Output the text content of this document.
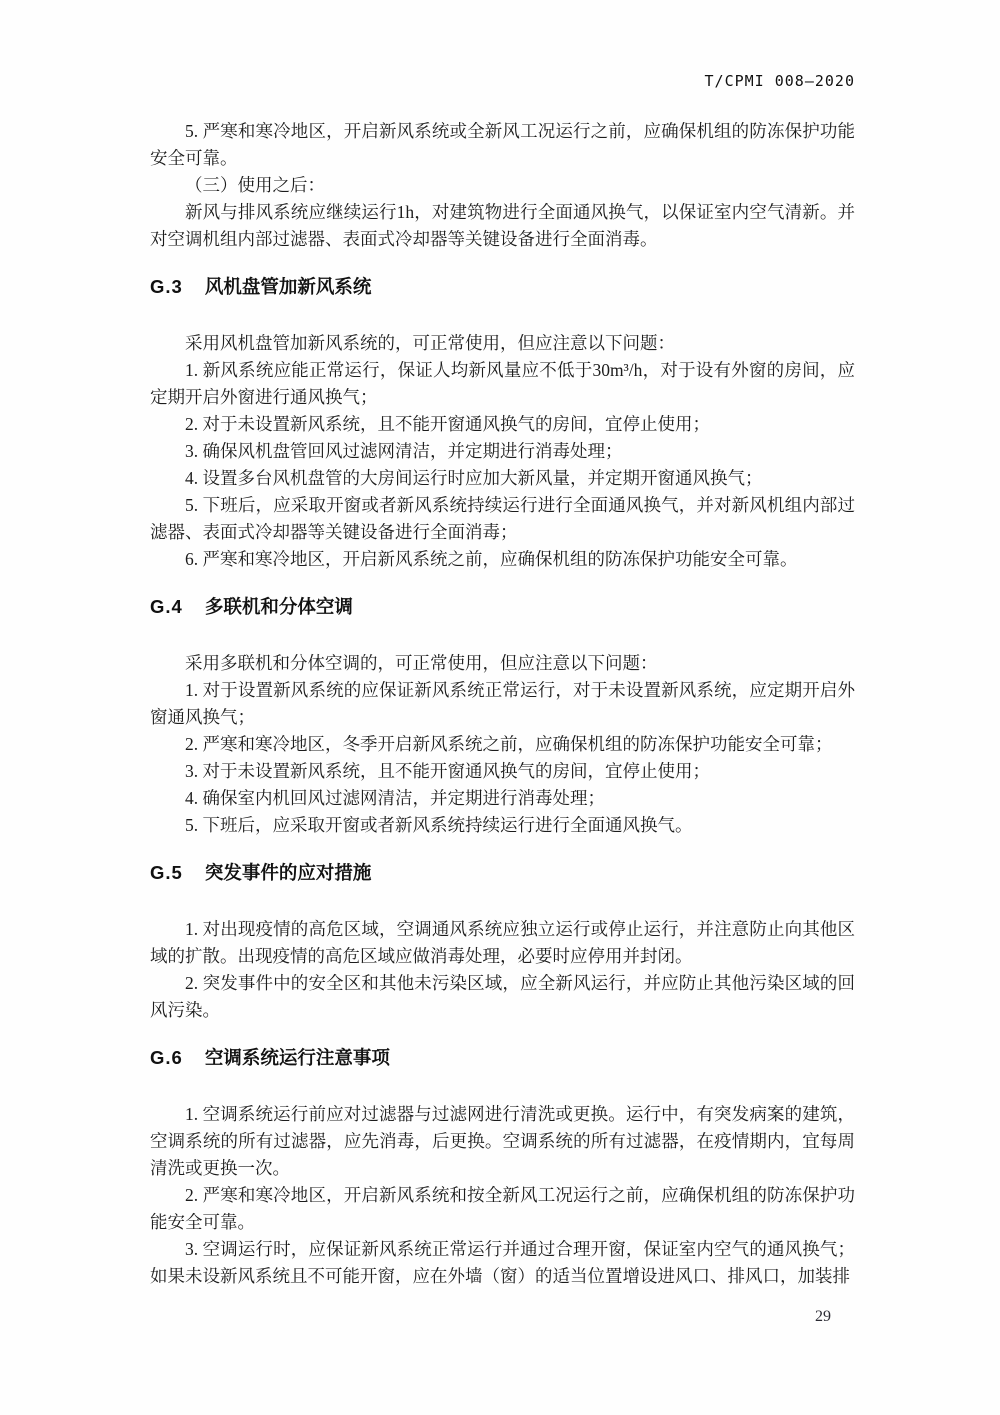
T/CPMI 008—2020

5. 严寒和寒冷地区，开启新风系统或全新风工况运行之前，应确保机组的防冻保护功能安全可靠。

（三）使用之后：

新风与排风系统应继续运行1h，对建筑物进行全面通风换气，以保证室内空气清新。并对空调机组内部过滤器、表面式冷却器等关键设备进行全面消毒。

G.3 风机盘管加新风系统

采用风机盘管加新风系统的，可正常使用，但应注意以下问题：

1. 新风系统应能正常运行，保证人均新风量应不低于30m³/h，对于设有外窗的房间，应定期开启外窗进行通风换气；

2. 对于未设置新风系统，且不能开窗通风换气的房间，宜停止使用；

3. 确保风机盘管回风过滤网清洁，并定期进行消毒处理；

4. 设置多台风机盘管的大房间运行时应加大新风量，并定期开窗通风换气；

5. 下班后，应采取开窗或者新风系统持续运行进行全面通风换气，并对新风机组内部过滤器、表面式冷却器等关键设备进行全面消毒；

6. 严寒和寒冷地区，开启新风系统之前，应确保机组的防冻保护功能安全可靠。

G.4 多联机和分体空调

采用多联机和分体空调的，可正常使用，但应注意以下问题：

1. 对于设置新风系统的应保证新风系统正常运行，对于未设置新风系统，应定期开启外窗通风换气；

2. 严寒和寒冷地区，冬季开启新风系统之前，应确保机组的防冻保护功能安全可靠；

3. 对于未设置新风系统，且不能开窗通风换气的房间，宜停止使用；

4. 确保室内机回风过滤网清洁，并定期进行消毒处理；

5. 下班后，应采取开窗或者新风系统持续运行进行全面通风换气。

G.5 突发事件的应对措施

1. 对出现疫情的高危区域，空调通风系统应独立运行或停止运行，并注意防止向其他区域的扩散。出现疫情的高危区域应做消毒处理，必要时应停用并封闭。

2. 突发事件中的安全区和其他未污染区域，应全新风运行，并应防止其他污染区域的回风污染。

G.6 空调系统运行注意事项

1. 空调系统运行前应对过滤器与过滤网进行清洗或更换。运行中，有突发病案的建筑，空调系统的所有过滤器，应先消毒，后更换。空调系统的所有过滤器，在疫情期内，宜每周清洗或更换一次。

2. 严寒和寒冷地区，开启新风系统和按全新风工况运行之前，应确保机组的防冻保护功能安全可靠。

3. 空调运行时，应保证新风系统正常运行并通过合理开窗，保证室内空气的通风换气；如果未设新风系统且不可能开窗，应在外墙（窗）的适当位置增设进风口、排风口，加装排

29
